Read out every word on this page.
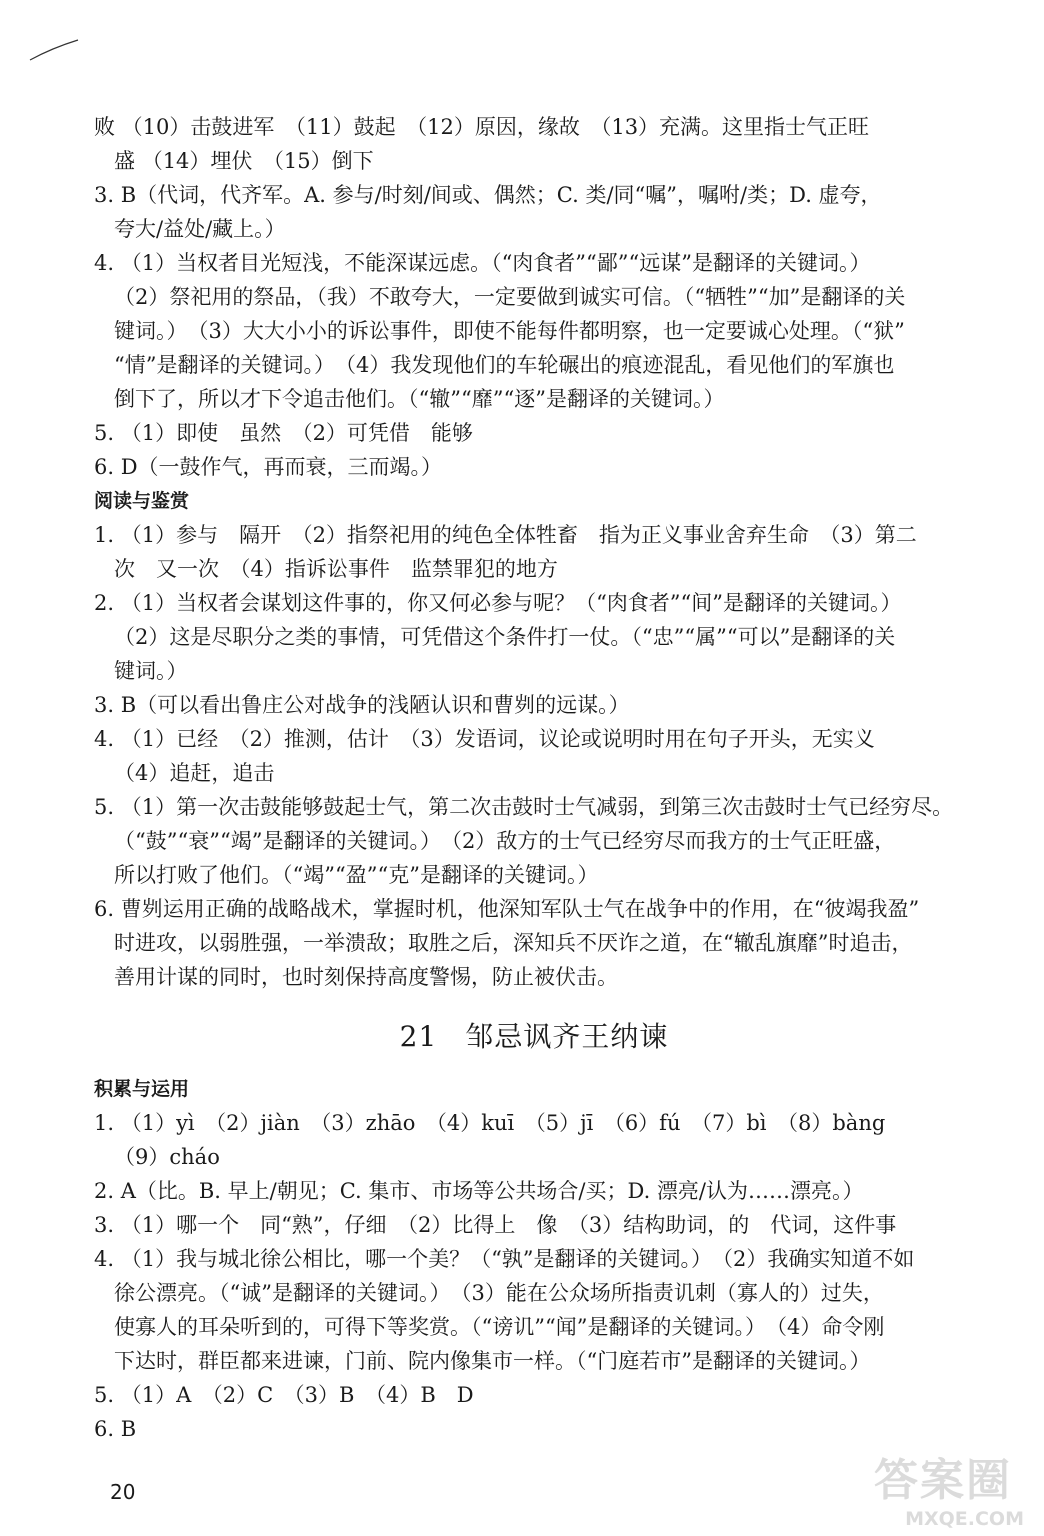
败 （10）击鼓进军　（11）鼓起　（12）原因，缘故　（13）充满。这里指士气正旺
盛 （14）埋伏　（15）倒下
3. B（代词，代齐军。A. 参与/时刻/间或、偶然；C. 类/同“嘱”，嘱咐/类；D. 虚夸，
夸大/益处/藏上。）
4. （1）当权者目光短浅，不能深谋远虑。（“肉食者”“鄙”“远谋”是翻译的关键词。）
（2）祭祀用的祭品，（我）不敢夸大，一定要做到诚实可信。（“牺牲”“加”是翻译的关
键词。）　（3）大大小小的诉讼事件，即使不能每件都明察，也一定要诚心处理。（“狱”
“情”是翻译的关键词。）　（4）我发现他们的车轮碾出的痕迹混乱，看见他们的军旗也
倒下了，所以才下令追击他们。（“辙”“靡”“逐”是翻译的关键词。）
5. （1）即使　虽然　（2）可凭借　能够
6. D（一鼓作气，再而衰，三而竭。）
阅读与鉴赏
1. （1）参与　隔开　（2）指祭祀用的纯色全体牲畜　指为正义事业舍弃生命　（3）第二
次　又一次　（4）指诉讼事件　监禁罪犯的地方
2. （1）当权者会谋划这件事的，你又何必参与呢？（“肉食者”“间”是翻译的关键词。）
（2）这是尽职分之类的事情，可凭借这个条件打一仗。（“忠”“属”“可以”是翻译的关
键词。）
3. B（可以看出鲁庄公对战争的浅陋认识和曹刿的远谋。）
4. （1）已经　（2）推测，估计　（3）发语词，议论或说明时用在句子开头，无实义
（4）追赶，追击
5. （1）第一次击鼓能够鼓起士气，第二次击鼓时士气减弱，到第三次击鼓时士气已经穷尽。
（“鼓”“衰”“竭”是翻译的关键词。）　（2）敌方的士气已经穷尽而我方的士气正旺盛，
所以打败了他们。（“竭”“盈”“克”是翻译的关键词。）
6. 曹刿运用正确的战略战术，掌握时机，他深知军队士气在战争中的作用，在“彼竭我盈”
时进攻，以弱胜强，一举溃敌；取胜之后，深知兵不厌诈之道，在“辙乱旗靡”时追击，
善用计谋的同时，也时刻保持高度警惕，防止被伏击。
21 邹忌讽齐王纳谏
积累与运用
1. （1）yì　（2）jiàn　（3）zhāo　（4）kuī　（5）jī　（6）fú　（7）bì　（8）bàng
（9）cháo
2. A（比。B. 早上/朝见；C. 集市、市场等公共场合/买；D. 漂亮/认为……漂亮。）
3. （1）哪一个　同“熟”，仔细　（2）比得上　像　（3）结构助词，的　代词，这件事
4. （1）我与城北徐公相比，哪一个美？（“孰”是翻译的关键词。）　（2）我确实知道不如
徐公漂亮。（“诚”是翻译的关键词。）　（3）能在公众场所指责讥刺（寡人的）过失，
使寡人的耳朵听到的，可得下等奖赏。（“谤讥”“闻”是翻译的关键词。）　（4）命令刚
下达时，群臣都来进谏，门前、院内像集市一样。（“门庭若市”是翻译的关键词。）
5. （1）A　（2）C　（3）B　（4）B　D
6. B
20	答案圈
MXQE.COM
